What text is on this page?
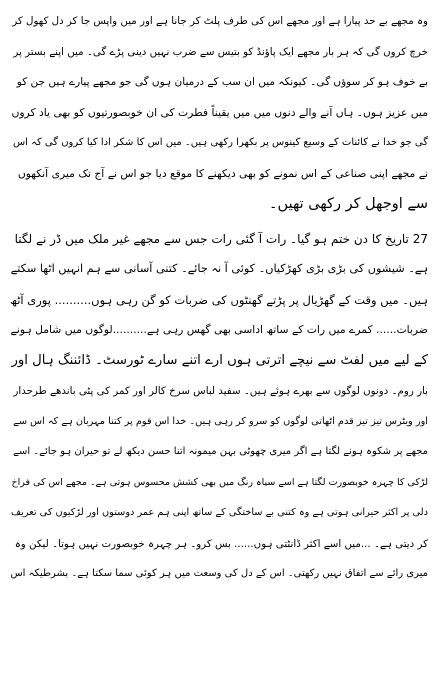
وہ مجھے بے حد پیارا ہے اور مجھے اس کی طرف پلٹ کر جانا ہے اور میں واپس جا کر دل کھول کر
خرچ کروں گی کہ ہر بار مجھے ایک پاؤنڈ کو بتیس سے ضرب نہیں دینی پڑے گی۔ میں اپنے بستر پر
بے خوف ہو کر سوؤں گی۔ کیونکہ میں ان سب کے درمیان ہوں گی جو مجھے پیارے ہیں جن کو
میں عزیز ہوں۔ ہاں آنے والے دنوں میں میں یقیناً فطرت کی ان خوبصورتیوں کو بھی یاد کروں
گی جو خدا نے کائنات کے وسیع کینوس پر بکھرا رکھی ہیں۔ میں اس کا شکر ادا کیا کروں گی کہ اس
نے مجھے اپنی صناعی کے اس نمونے کو بھی دیکھنے کا موقع دیا جو اس نے آج تک میری آنکھوں
سے اوجھل کر رکھی تھیں۔
27 تاریخ کا دن ختم ہو گیا۔ رات آ گئی رات جس سے مجھے غیر ملک میں ڈر نے لگتا
ہے۔ شیشوں کی بڑی بڑی کھڑکیاں۔ کوئی آ نہ جائے۔ کتنی آسانی سے ہم انہیں اٹھا سکتے
ہیں۔ میں وقت کے گھڑیال پر پڑتے گھنٹوں کی ضربات کو گن رہی ہوں.......... پوری آٹھ
ضربات...... کمرے میں رات کے ساتھ اداسی بھی گھس رہی ہے..........لوگوں میں شامل ہونے
کے لیے میں لفٹ سے نیچے اترتی ہوں ارے اتنے سارے ٹورسٹ۔ ڈائننگ ہال اور
بار روم۔ دونوں لوگوں سے بھرے ہوئے ہیں۔ سفید لباس سرخ کالر اور کمر کی پٹی باندھے طرحدار
اور ویٹرس تیز تیز قدم اٹھاتی لوگوں کو سرو کر رہی ہیں۔ خدا اس قوم پر کتنا مہربان ہے کہ اس سے
مجھے پر شکوہ ہونے لگتا ہے اگر میری چھوٹی بہن میمونہ اتنا حسن دیکھ لے تو حیران ہو جائے۔ اسے
لڑکی کا چہرہ خوبصورت لگتا ہے اسے سیاہ رنگ میں بھی کشش محسوس ہوتی ہے۔ مجھے اس کی فراخ
دلی پر اکثر حیرانی ہوتی ہے وہ کتنی بے ساختگی کے ساتھ اپنی ہم عمر دوستوں اور لڑکیوں کی تعریف
کر دیتی ہے۔ ...میں اسے اکثر ڈانٹتی ہوں...... بس کرو۔ ہر چہرہ خوبصورت نہیں ہوتا۔ لیکن وہ
میری رائے سے اتفاق نہیں رکھتی۔ اس کے دل کی وسعت میں ہر کوئی سما سکتا ہے۔ بشرطیکہ اس
